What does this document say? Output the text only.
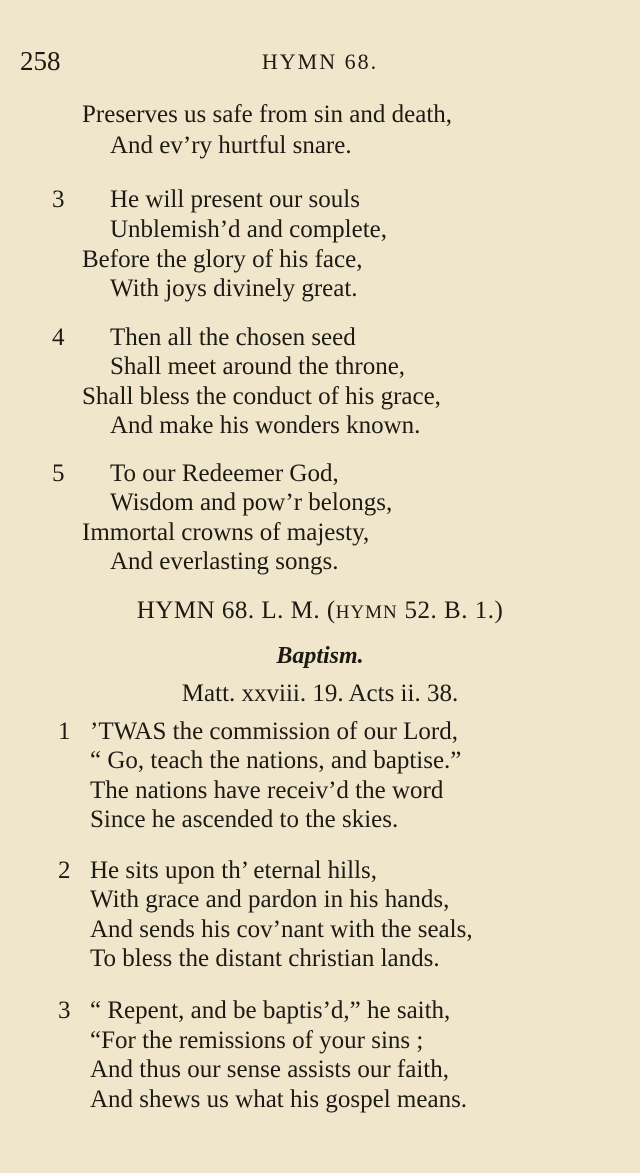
258	HYMN 68.
Preserves us safe from sin and death,
And ev’ry hurtful snare.
3 He will present our souls
Unblemish’d and complete,
Before the glory of his face,
With joys divinely great.
4 Then all the chosen seed
Shall meet around the throne,
Shall bless the conduct of his grace,
And make his wonders known.
5 To our Redeemer God,
Wisdom and pow’r belongs,
Immortal crowns of majesty,
And everlasting songs.
HYMN 68. L. M. (HYMN 52. B. 1.)
Baptism.
Matt. xxviii. 19. Acts ii. 38.
1 ’TWAS the commission of our Lord,
“ Go, teach the nations, and baptise.”
The nations have receiv’d the word
Since he ascended to the skies.
2 He sits upon th’ eternal hills,
With grace and pardon in his hands,
And sends his cov’nant with the seals,
To bless the distant christian lands.
3 “ Repent, and be baptis’d,” he saith,
“For the remissions of your sins ;
And thus our sense assists our faith,
And shews us what his gospel means.
